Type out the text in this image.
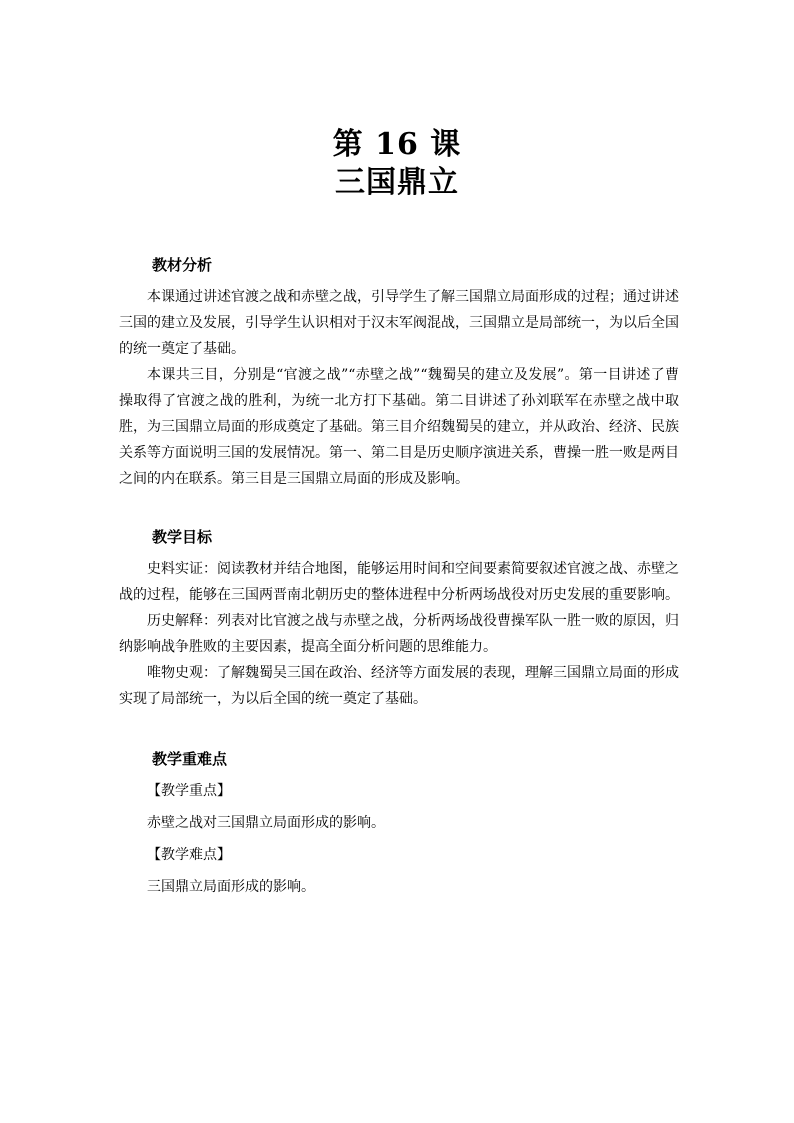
第 16 课
三国鼎立

教材分析

本课通过讲述官渡之战和赤壁之战，引导学生了解三国鼎立局面形成的过程；通过讲述三国的建立及发展，引导学生认识相对于汉末军阀混战，三国鼎立是局部统一，为以后全国的统一奠定了基础。

本课共三目，分别是“官渡之战”“赤壁之战”“魏蜀吴的建立及发展”。第一目讲述了曹操取得了官渡之战的胜利，为统一北方打下基础。第二目讲述了孙刘联军在赤壁之战中取胜，为三国鼎立局面的形成奠定了基础。第三目介绍魏蜀吴的建立，并从政治、经济、民族关系等方面说明三国的发展情况。第一、第二目是历史顺序演进关系，曹操一胜一败是两目之间的内在联系。第三目是三国鼎立局面的形成及影响。

教学目标

史料实证：阅读教材并结合地图，能够运用时间和空间要素简要叙述官渡之战、赤壁之战的过程，能够在三国两晋南北朝历史的整体进程中分析两场战役对历史发展的重要影响。

历史解释：列表对比官渡之战与赤壁之战，分析两场战役曹操军队一胜一败的原因，归纳影响战争胜败的主要因素，提高全面分析问题的思维能力。

唯物史观：了解魏蜀吴三国在政治、经济等方面发展的表现，理解三国鼎立局面的形成实现了局部统一，为以后全国的统一奠定了基础。

教学重难点

【教学重点】

赤壁之战对三国鼎立局面形成的影响。

【教学难点】

三国鼎立局面形成的影响。
